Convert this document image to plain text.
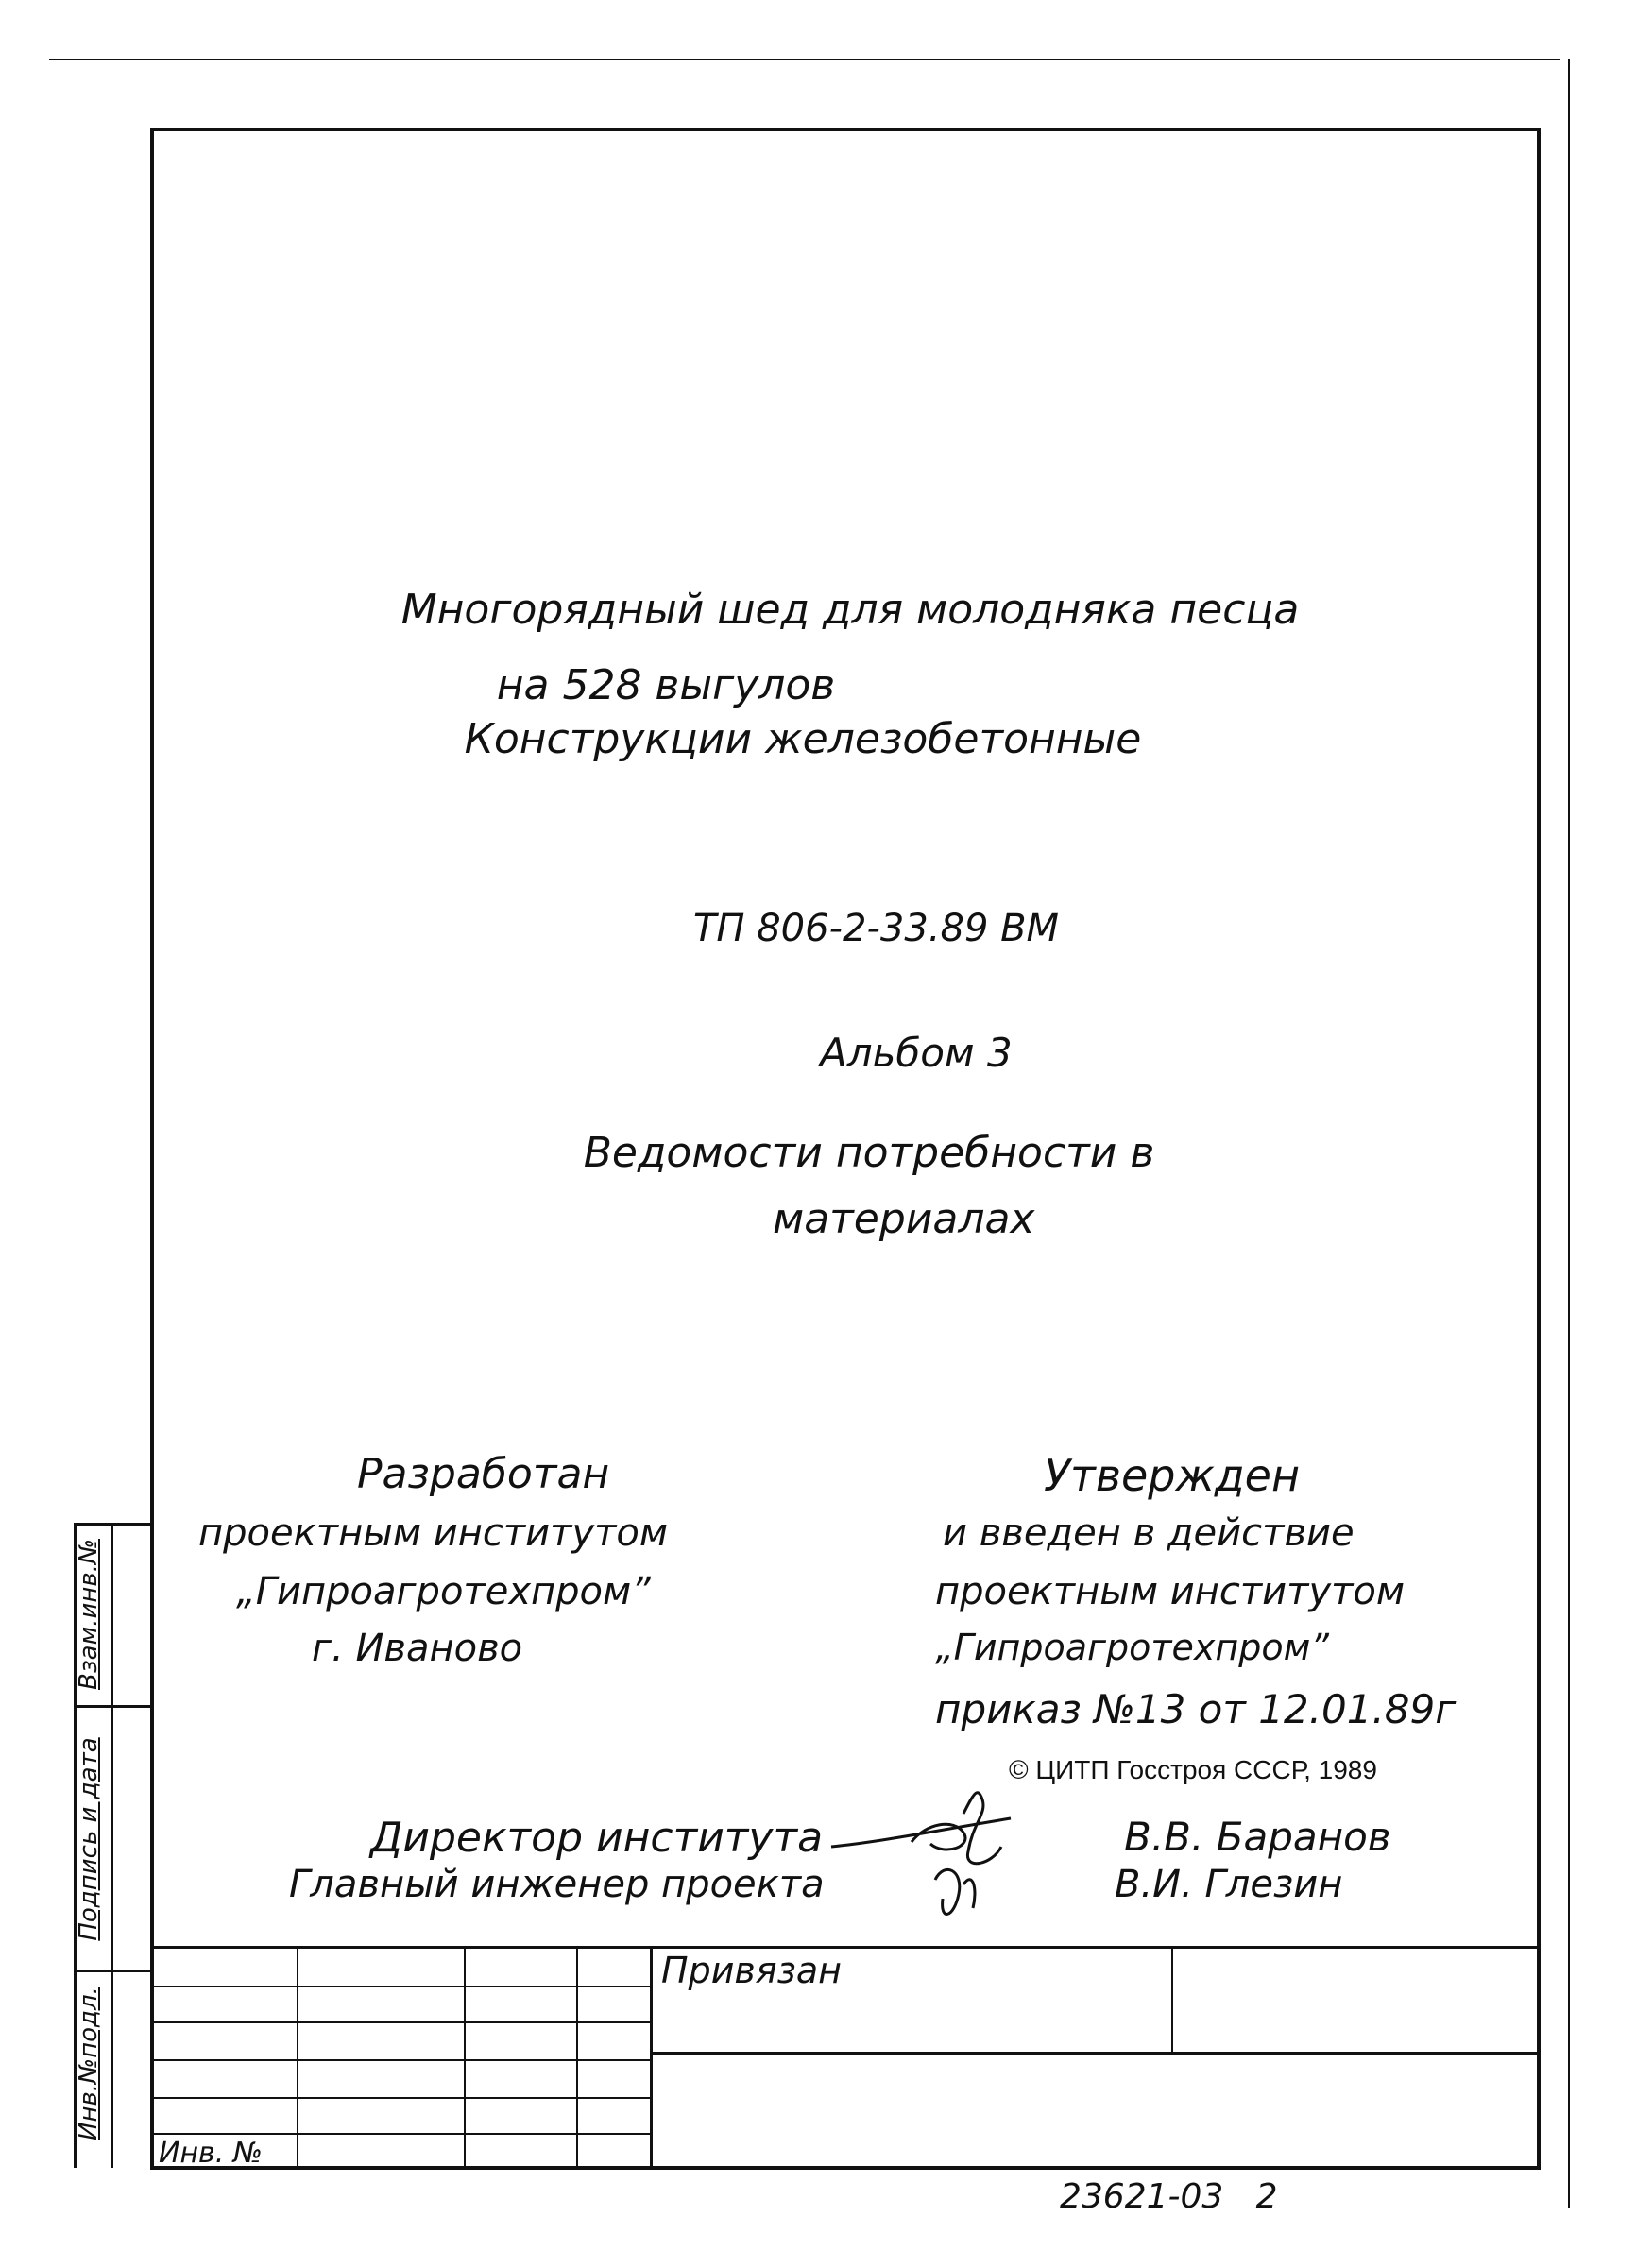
Взам.инв.№
Подпись и дата
Инв.№подл.
Многорядный шед для молодняка песца
на 528 выгулов
Конструкции железобетонные
ТП 806-2-33.89 ВМ
Альбом 3
Ведомости потребности в
материалах
Разработан
проектным институтом
„Гипроагротехпром”
г. Иваново
Утвержден
и введен в действие
проектным институтом
„Гипроагротехпром”
приказ №13 от 12.01.89г
© ЦИТП Госстроя СССР, 1989
Директор института
Главный инженер проекта
В.В. Баранов
В.И. Глезин
Привязан
Инв. №
23621-03   2
